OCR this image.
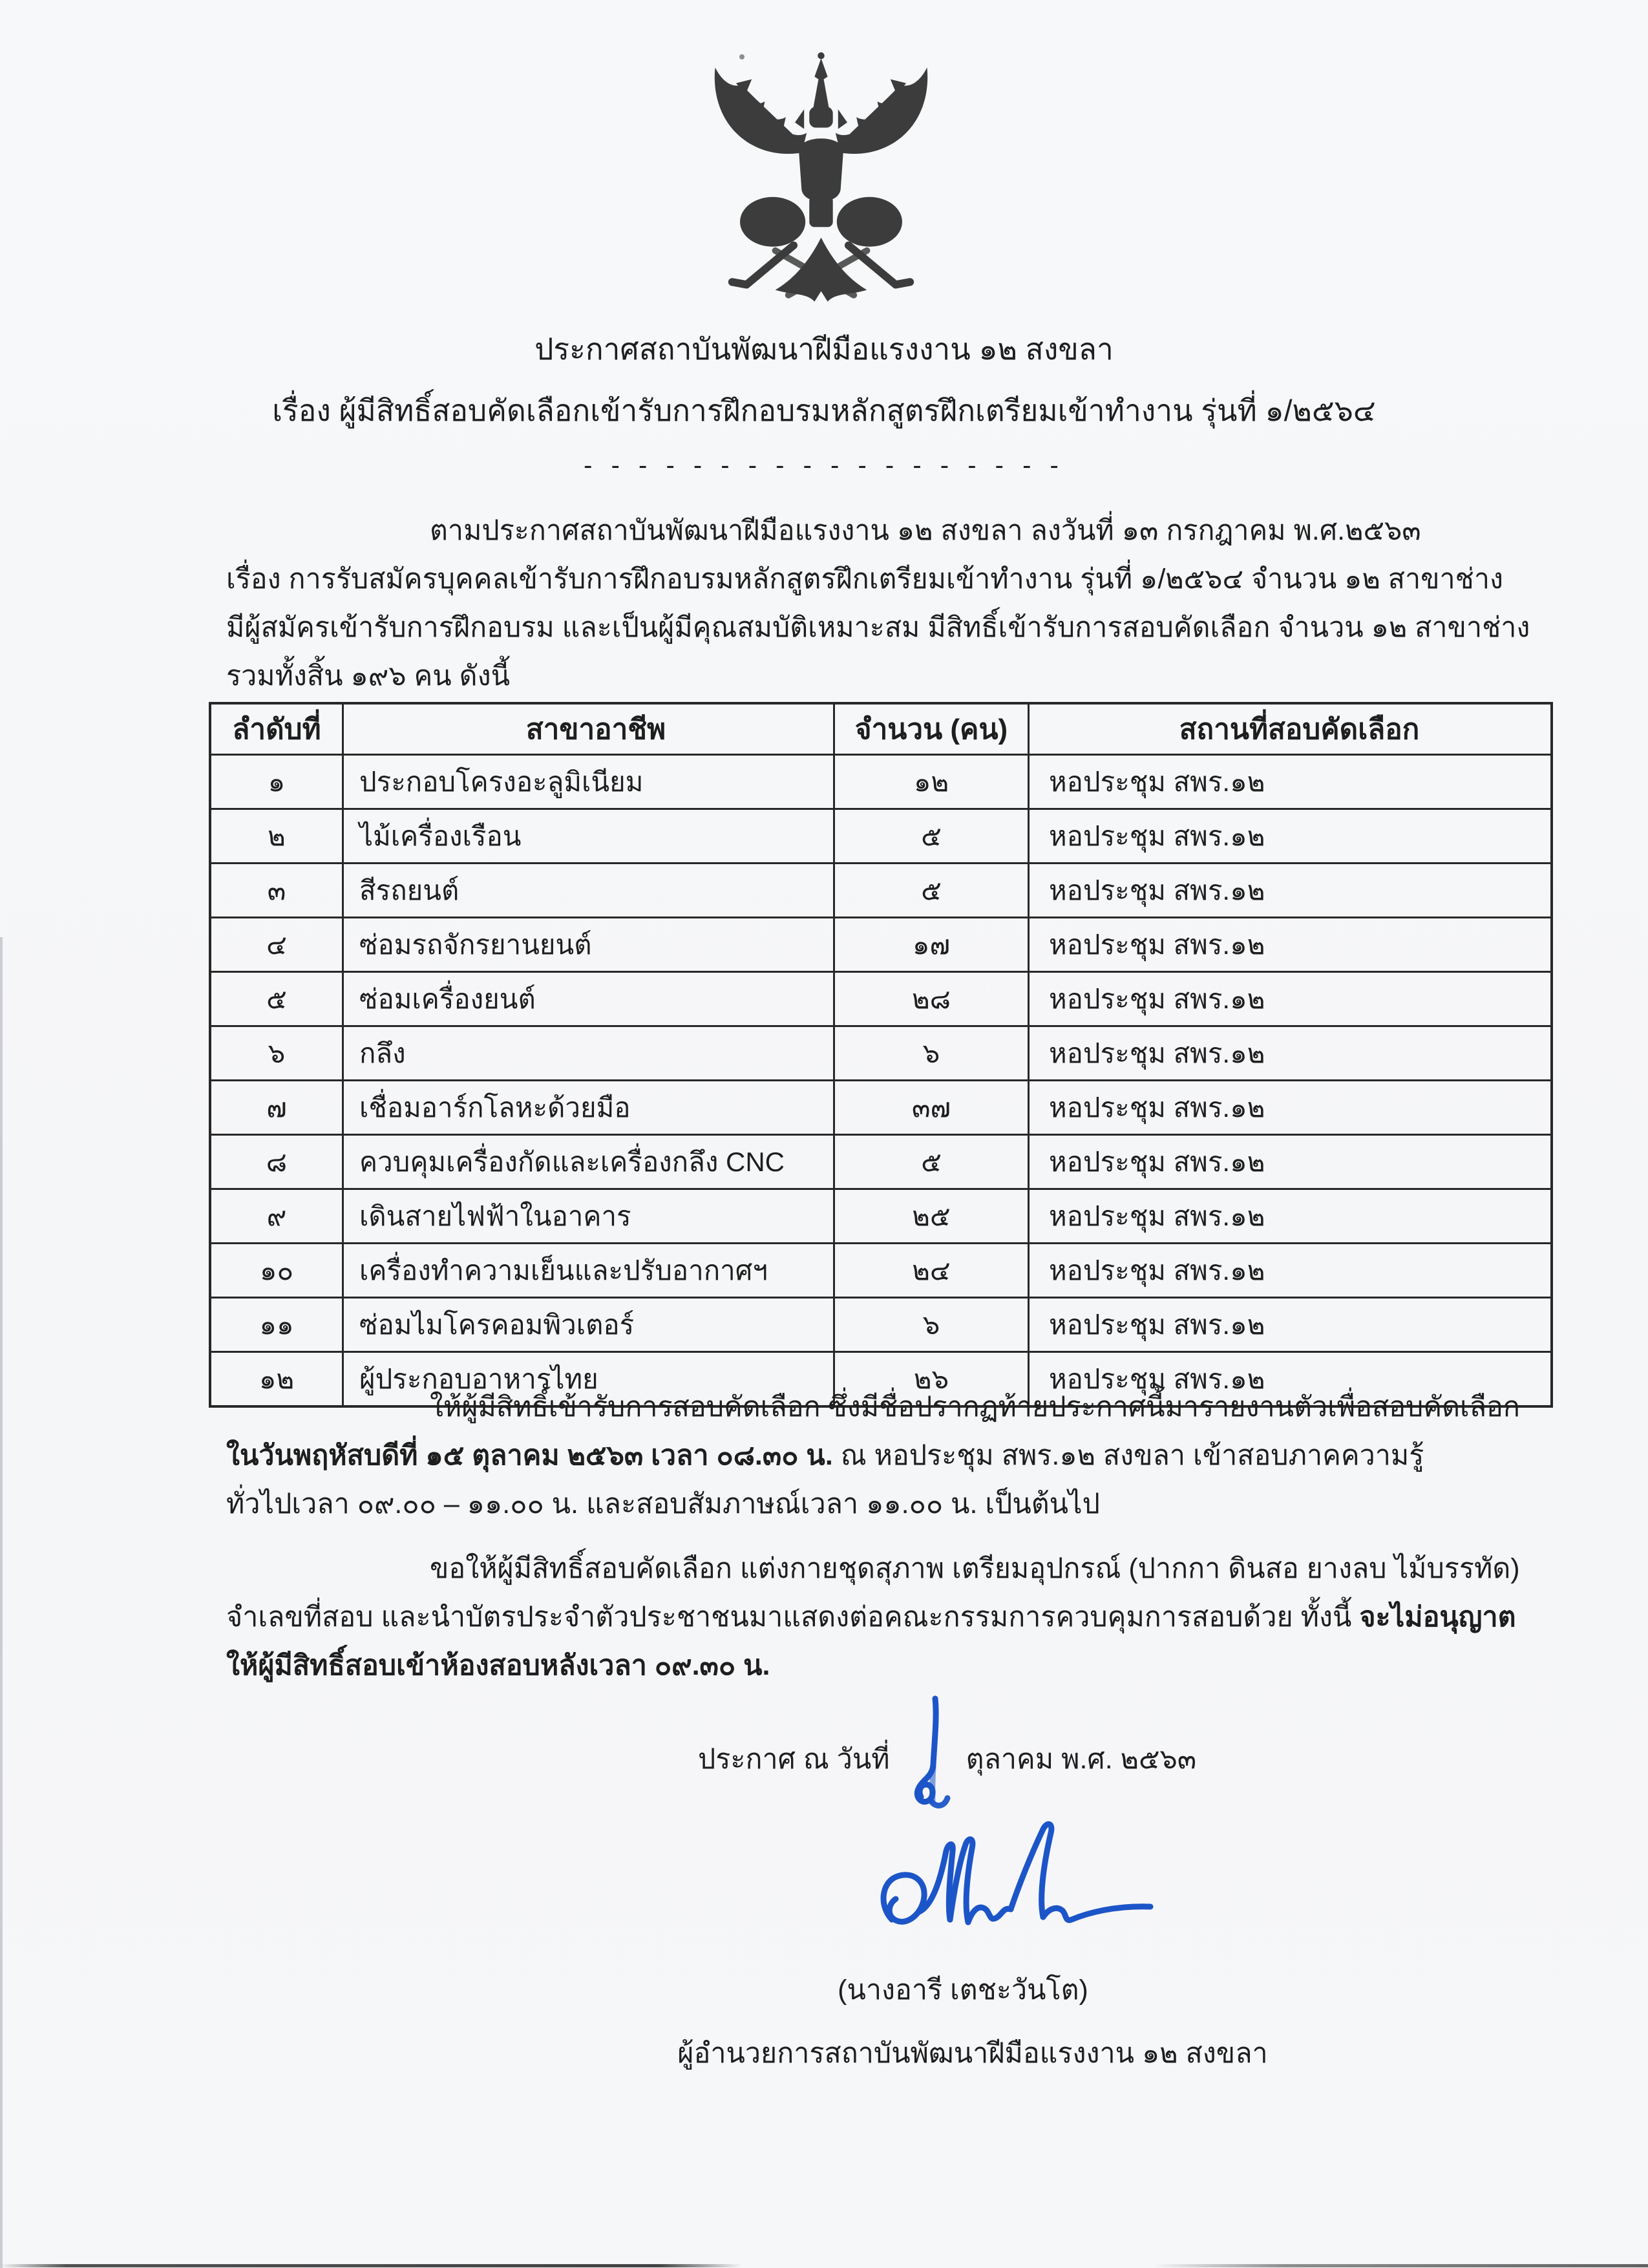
ประกาศสถาบันพัฒนาฝีมือแรงงาน ๑๒ สงขลา
เรื่อง ผู้มีสิทธิ์สอบคัดเลือกเข้ารับการฝึกอบรมหลักสูตรฝึกเตรียมเข้าทำงาน รุ่นที่ ๑/๒๕๖๔
- - - - - - - - - - - - - - - - - -
ตามประกาศสถาบันพัฒนาฝีมือแรงงาน ๑๒ สงขลา ลงวันที่ ๑๓ กรกฎาคม พ.ศ.๒๕๖๓
เรื่อง การรับสมัครบุคคลเข้ารับการฝึกอบรมหลักสูตรฝึกเตรียมเข้าทำงาน รุ่นที่ ๑/๒๕๖๔ จำนวน ๑๒ สาขาช่าง
มีผู้สมัครเข้ารับการฝึกอบรม และเป็นผู้มีคุณสมบัติเหมาะสม มีสิทธิ์เข้ารับการสอบคัดเลือก จำนวน ๑๒ สาขาช่าง
รวมทั้งสิ้น ๑๙๖ คน ดังนี้
ลำดับที่	สาขาอาชีพ	จำนวน (คน)	สถานที่สอบคัดเลือก
๑	ประกอบโครงอะลูมิเนียม	๑๒	หอประชุม สพร.๑๒
๒	ไม้เครื่องเรือน	๕	หอประชุม สพร.๑๒
๓	สีรถยนต์	๕	หอประชุม สพร.๑๒
๔	ซ่อมรถจักรยานยนต์	๑๗	หอประชุม สพร.๑๒
๕	ซ่อมเครื่องยนต์	๒๘	หอประชุม สพร.๑๒
๖	กลึง	๖	หอประชุม สพร.๑๒
๗	เชื่อมอาร์กโลหะด้วยมือ	๓๗	หอประชุม สพร.๑๒
๘	ควบคุมเครื่องกัดและเครื่องกลึง CNC	๕	หอประชุม สพร.๑๒
๙	เดินสายไฟฟ้าในอาคาร	๒๕	หอประชุม สพร.๑๒
๑๐	เครื่องทำความเย็นและปรับอากาศฯ	๒๔	หอประชุม สพร.๑๒
๑๑	ซ่อมไมโครคอมพิวเตอร์	๖	หอประชุม สพร.๑๒
๑๒	ผู้ประกอบอาหารไทย	๒๖	หอประชุม สพร.๑๒
ให้ผู้มีสิทธิ์เข้ารับการสอบคัดเลือก ซึ่งมีชื่อปรากฏท้ายประกาศนี้มารายงานตัวเพื่อสอบคัดเลือก
ในวันพฤหัสบดีที่ ๑๕ ตุลาคม ๒๕๖๓ เวลา ๐๘.๓๐ น. ณ หอประชุม สพร.๑๒ สงขลา เข้าสอบภาคความรู้
ทั่วไปเวลา ๐๙.๐๐ – ๑๑.๐๐ น. และสอบสัมภาษณ์เวลา ๑๑.๐๐ น. เป็นต้นไป
ขอให้ผู้มีสิทธิ์สอบคัดเลือก แต่งกายชุดสุภาพ เตรียมอุปกรณ์ (ปากกา ดินสอ ยางลบ ไม้บรรทัด)
จำเลขที่สอบ และนำบัตรประจำตัวประชาชนมาแสดงต่อคณะกรรมการควบคุมการสอบด้วย ทั้งนี้ จะไม่อนุญาต
ให้ผู้มีสิทธิ์สอบเข้าห้องสอบหลังเวลา ๐๙.๓๐ น.
ประกาศ ณ วันที่	ตุลาคม พ.ศ. ๒๕๖๓
(นางอารี เตชะวันโต)
ผู้อำนวยการสถาบันพัฒนาฝีมือแรงงาน ๑๒ สงขลา
